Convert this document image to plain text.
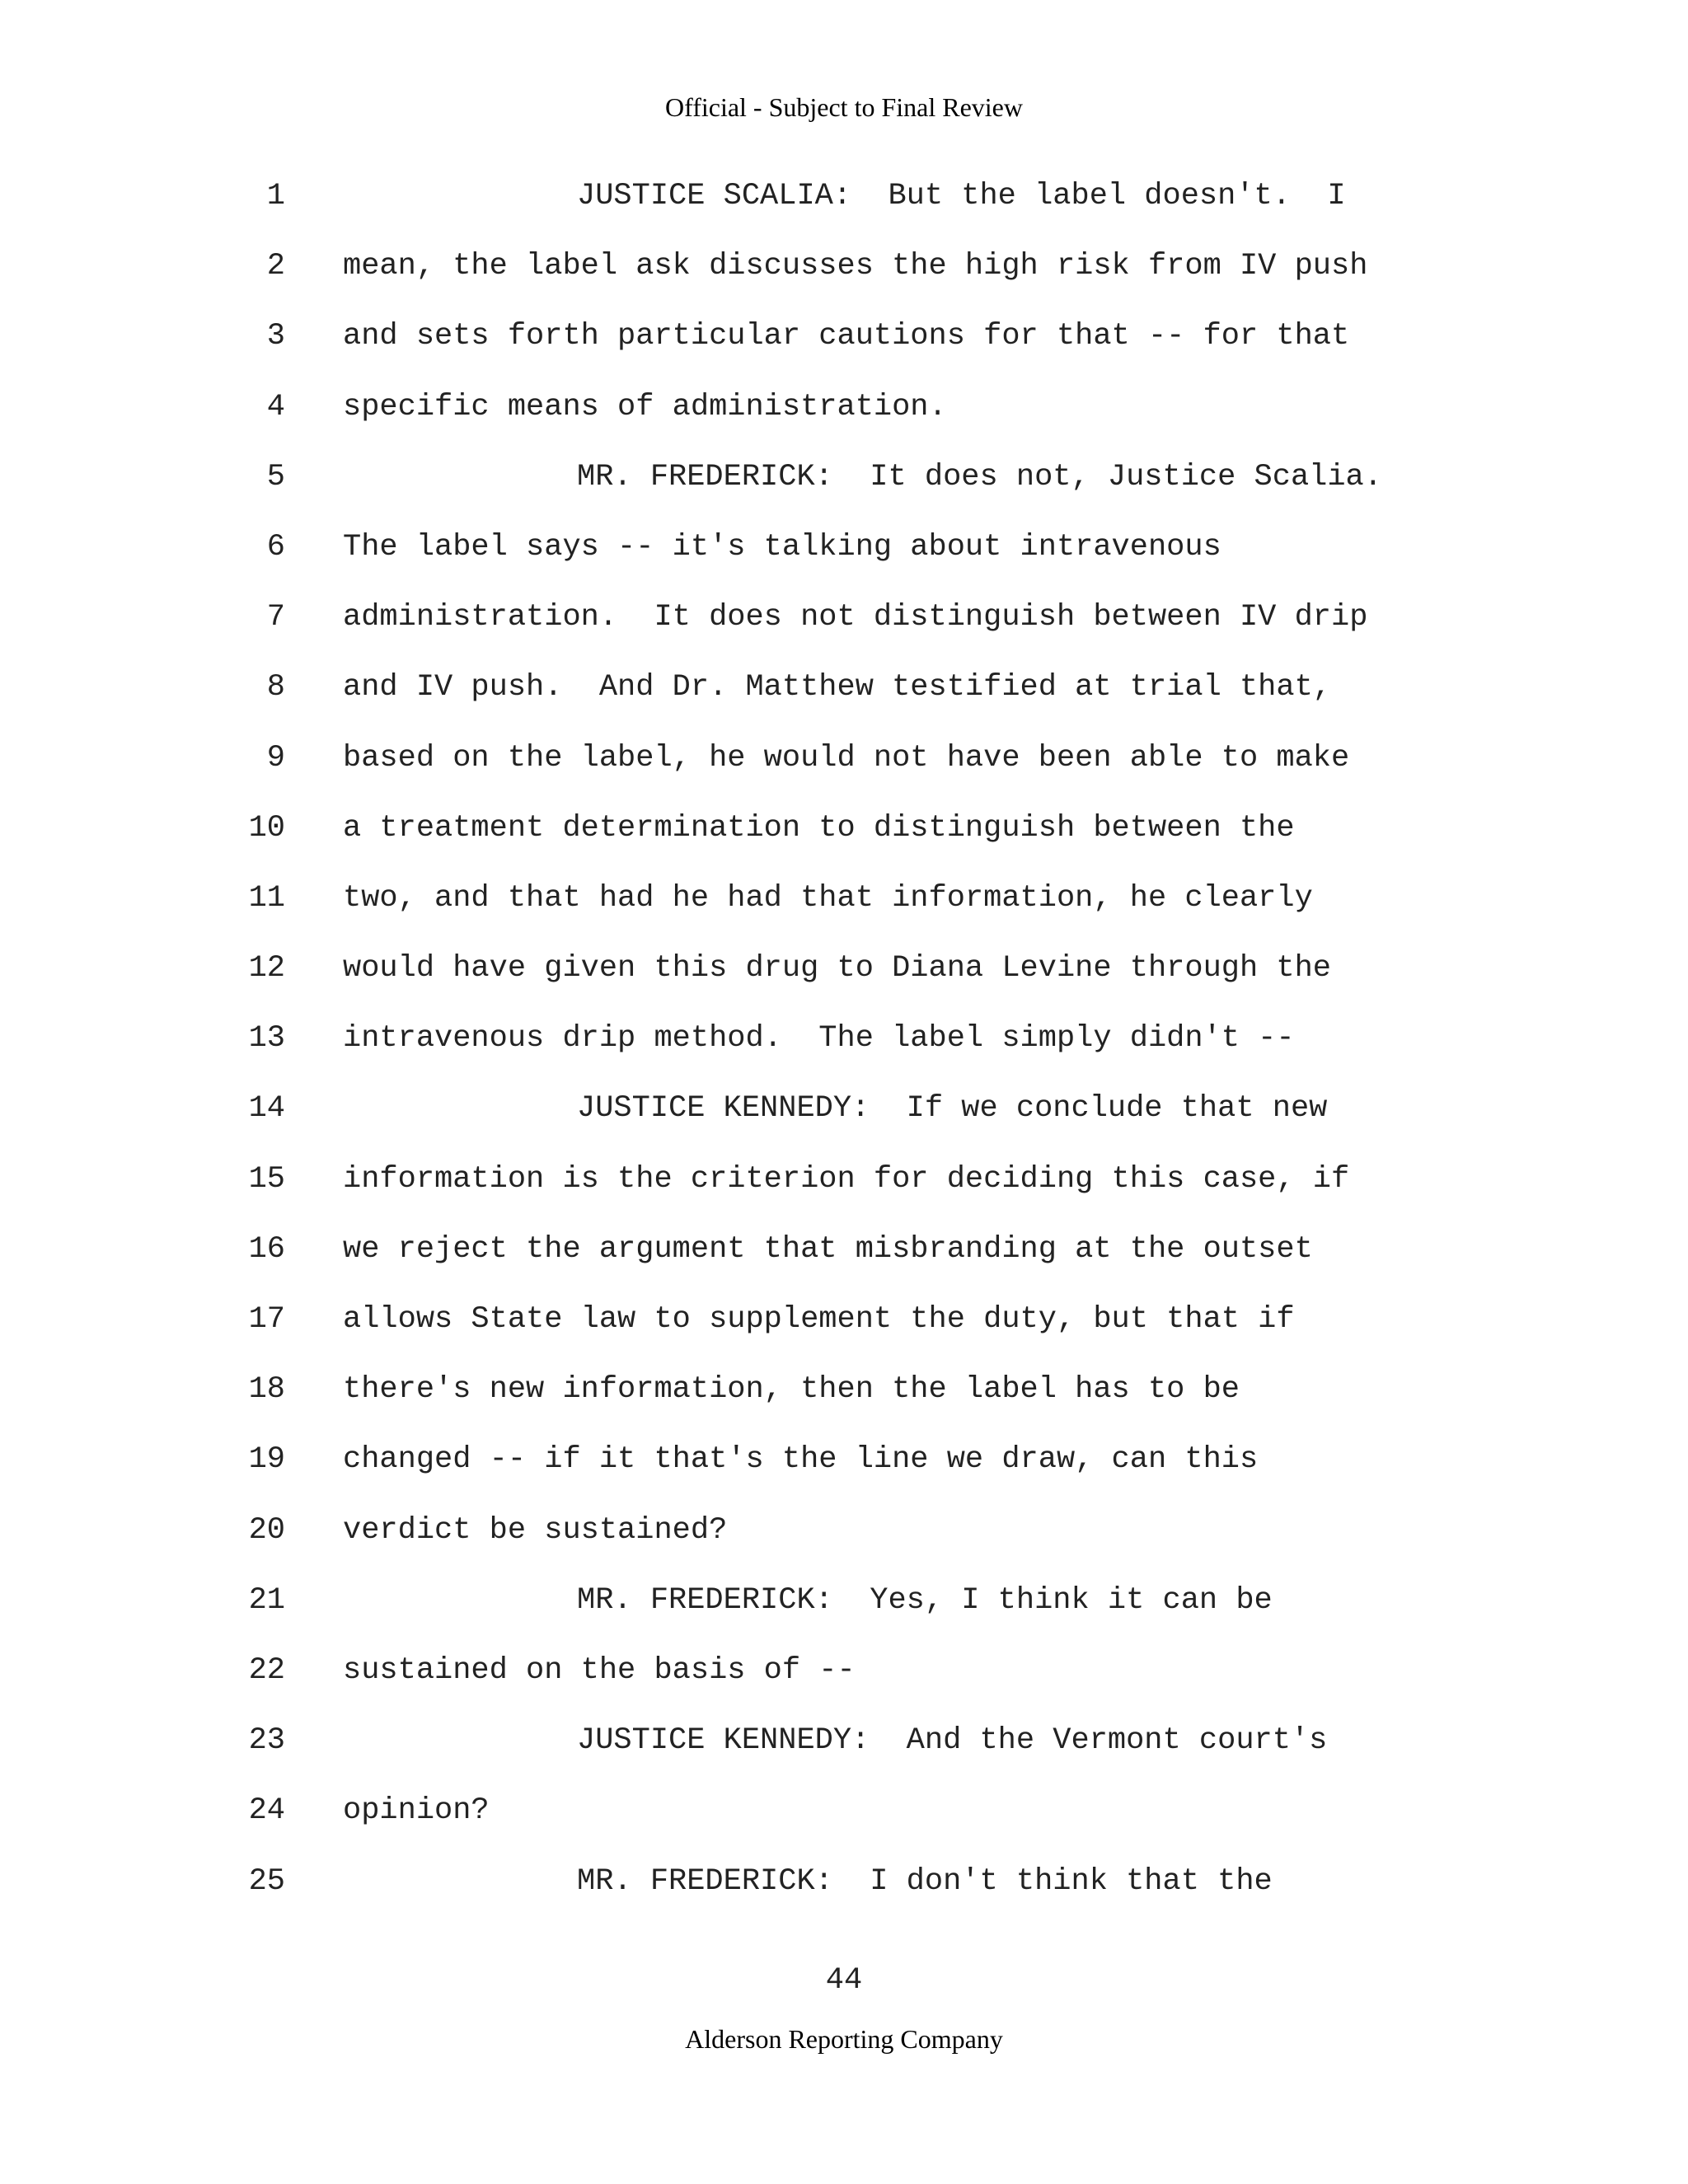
Official - Subject to Final Review
1	JUSTICE SCALIA:  But the label doesn't.  I
2 mean, the label ask discusses the high risk from IV push
3 and sets forth particular cautions for that -- for that
4 specific means of administration.
5	MR. FREDERICK:  It does not, Justice Scalia.
6 The label says -- it's talking about intravenous
7 administration.  It does not distinguish between IV drip
8 and IV push.  And Dr. Matthew testified at trial that,
9 based on the label, he would not have been able to make
10 a treatment determination to distinguish between the
11 two, and that had he had that information, he clearly
12 would have given this drug to Diana Levine through the
13 intravenous drip method.  The label simply didn't --
14	JUSTICE KENNEDY:  If we conclude that new
15 information is the criterion for deciding this case, if
16 we reject the argument that misbranding at the outset
17 allows State law to supplement the duty, but that if
18 there's new information, then the label has to be
19 changed -- if it that's the line we draw, can this
20 verdict be sustained?
21	MR. FREDERICK:  Yes, I think it can be
22 sustained on the basis of --
23	JUSTICE KENNEDY:  And the Vermont court's
24 opinion?
25	MR. FREDERICK:  I don't think that the
44
Alderson Reporting Company
